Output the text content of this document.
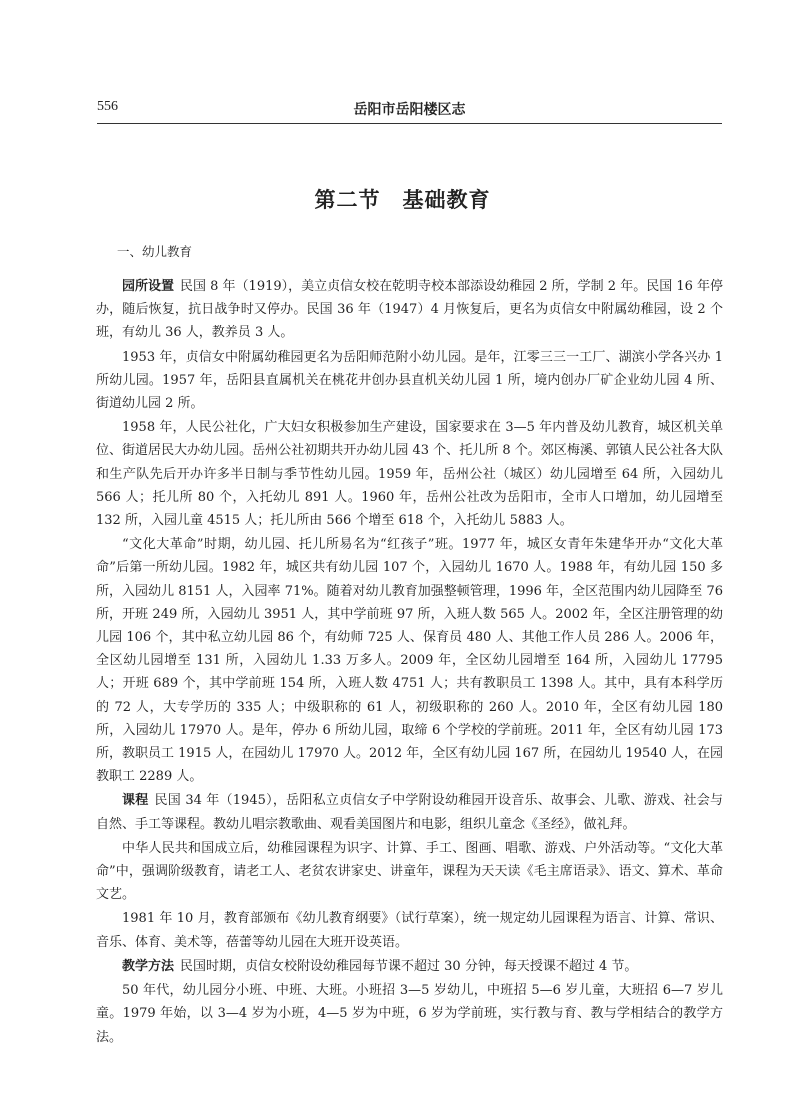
556	岳阳市岳阳楼区志
第二节 基础教育
一、幼儿教育

园所设置 民国 8 年（1919），美立贞信女校在乾明寺校本部添设幼稚园 2 所，学制 2 年。民国 16 年停办，随后恢复，抗日战争时又停办。民国 36 年（1947）4 月恢复后，更名为贞信女中附属幼稚园，设 2 个班，有幼儿 36 人，教养员 3 人。

1953 年，贞信女中附属幼稚园更名为岳阳师范附小幼儿园。是年，江零三三一工厂、湖滨小学各兴办 1 所幼儿园。1957 年，岳阳县直属机关在桃花井创办县直机关幼儿园 1 所，境内创办厂矿企业幼儿园 4 所、街道幼儿园 2 所。

1958 年，人民公社化，广大妇女积极参加生产建设，国家要求在 3—5 年内普及幼儿教育，城区机关单位、街道居民大办幼儿园。岳州公社初期共开办幼儿园 43 个、托儿所 8 个。郊区梅溪、郭镇人民公社各大队和生产队先后开办许多半日制与季节性幼儿园。1959 年，岳州公社（城区）幼儿园增至 64 所，入园幼儿 566 人；托儿所 80 个，入托幼儿 891 人。1960 年，岳州公社改为岳阳市，全市人口增加，幼儿园增至 132 所，入园儿童 4515 人；托儿所由 566 个增至 618 个，入托幼儿 5883 人。

“文化大革命”时期，幼儿园、托儿所易名为“红孩子”班。1977 年，城区女青年朱建华开办“文化大革命”后第一所幼儿园。1982 年，城区共有幼儿园 107 个，入园幼儿 1670 人。1988 年，有幼儿园 150 多所，入园幼儿 8151 人，入园率 71%。随着对幼儿教育加强整顿管理，1996 年，全区范围内幼儿园降至 76 所，开班 249 所，入园幼儿 3951 人，其中学前班 97 所，入班人数 565 人。2002 年，全区注册管理的幼儿园 106 个，其中私立幼儿园 86 个，有幼师 725 人、保育员 480 人、其他工作人员 286 人。2006 年，全区幼儿园增至 131 所，入园幼儿 1.33 万多人。2009 年，全区幼儿园增至 164 所，入园幼儿 17795 人；开班 689 个，其中学前班 154 所，入班人数 4751 人；共有教职员工 1398 人。其中，具有本科学历的 72 人，大专学历的 335 人；中级职称的 61 人，初级职称的 260 人。2010 年，全区有幼儿园 180 所，入园幼儿 17970 人。是年，停办 6 所幼儿园，取缔 6 个学校的学前班。2011 年，全区有幼儿园 173 所，教职员工 1915 人，在园幼儿 17970 人。2012 年，全区有幼儿园 167 所，在园幼儿 19540 人，在园教职工 2289 人。

课程 民国 34 年（1945），岳阳私立贞信女子中学附设幼稚园开设音乐、故事会、儿歌、游戏、社会与自然、手工等课程。教幼儿唱宗教歌曲、观看美国图片和电影，组织儿童念《圣经》，做礼拜。

中华人民共和国成立后，幼稚园课程为识字、计算、手工、图画、唱歌、游戏、户外活动等。“文化大革命”中，强调阶级教育，请老工人、老贫农讲家史、讲童年，课程为天天读《毛主席语录》、语文、算术、革命文艺。

1981 年 10 月，教育部颁布《幼儿教育纲要》（试行草案），统一规定幼儿园课程为语言、计算、常识、音乐、体育、美术等，蓓蕾等幼儿园在大班开设英语。

教学方法 民国时期，贞信女校附设幼稚园每节课不超过 30 分钟，每天授课不超过 4 节。

50 年代，幼儿园分小班、中班、大班。小班招 3—5 岁幼儿，中班招 5—6 岁儿童，大班招 6—7 岁儿童。1979 年始，以 3—4 岁为小班，4—5 岁为中班，6 岁为学前班，实行教与育、教与学相结合的教学方法。
